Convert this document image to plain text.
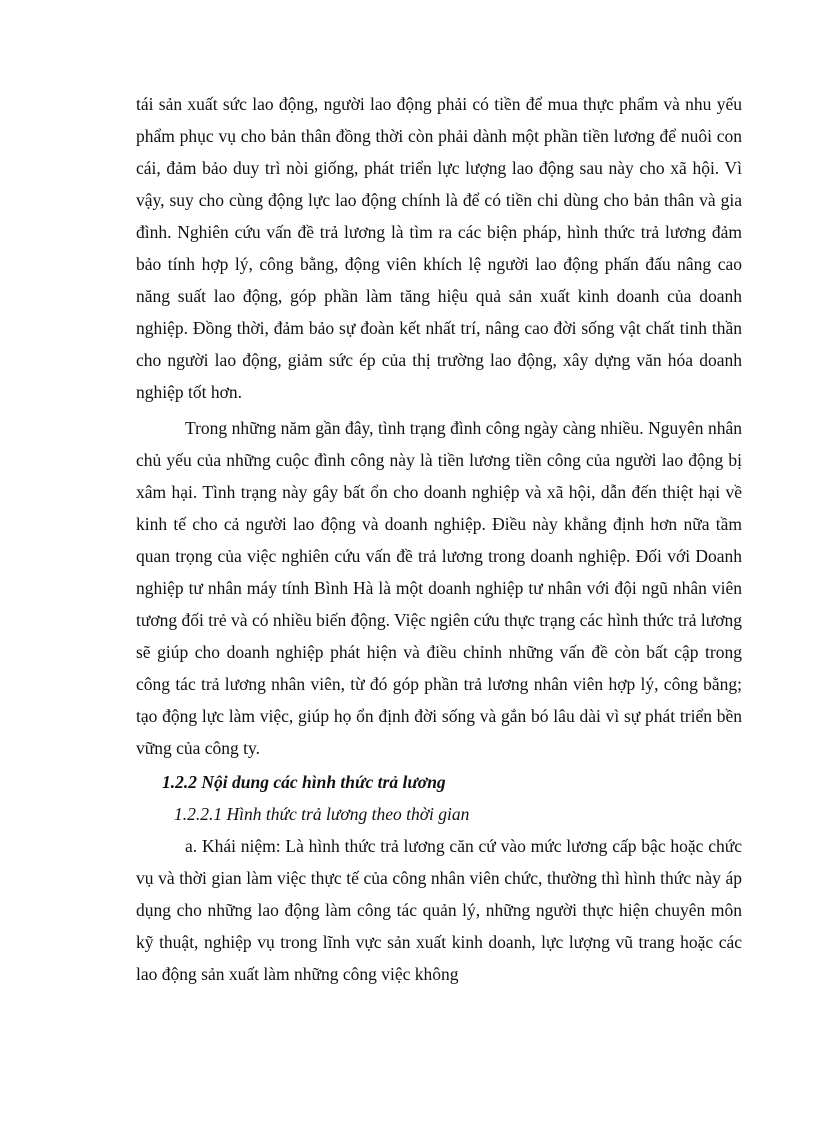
tái sản xuất sức lao động, người lao động phải có tiền để mua thực phẩm và nhu yếu phẩm phục vụ cho bản thân đồng thời còn phải dành một phần tiền lương để nuôi con cái, đảm bảo duy trì nòi giống, phát triển lực lượng lao động sau này cho xã hội. Vì vậy, suy cho cùng động lực lao động chính là để có tiền chi dùng cho bản thân và gia đình. Nghiên cứu vấn đề trả lương là tìm ra các biện pháp, hình thức trả lương đảm bảo tính hợp lý, công bằng, động viên khích lệ người lao động phấn đấu nâng cao năng suất lao động, góp phần làm tăng hiệu quả sản xuất kinh doanh của doanh nghiệp. Đồng thời, đảm bảo sự đoàn kết nhất trí, nâng cao đời sống vật chất tinh thần cho người lao động, giảm sức ép của thị trường lao động, xây dựng văn hóa doanh nghiệp tốt hơn.

Trong những năm gần đây, tình trạng đình công ngày càng nhiều. Nguyên nhân chủ yếu của những cuộc đình công này là tiền lương tiền công của người lao động bị xâm hại. Tình trạng này gây bất ổn cho doanh nghiệp và xã hội, dẫn đến thiệt hại về kinh tế cho cả người lao động và doanh nghiệp. Điều này khẳng định hơn nữa tầm quan trọng của việc nghiên cứu vấn đề trả lương trong doanh nghiệp. Đối với Doanh nghiệp tư nhân máy tính Bình Hà là một doanh nghiệp tư nhân với đội ngũ nhân viên tương đối trẻ và có nhiều biến động. Việc ngiên cứu thực trạng các hình thức trả lương sẽ giúp cho doanh nghiệp phát hiện và điều chỉnh những vấn đề còn bất cập trong công tác trả lương nhân viên, từ đó góp phần trả lương nhân viên hợp lý, công bằng; tạo động lực làm việc, giúp họ ổn định đời sống và gắn bó lâu dài vì sự phát triển bền vững của công ty.

1.2.2 Nội dung các hình thức trả lương

1.2.2.1 Hình thức trả lương theo thời gian

a. Khái niệm: Là hình thức trả lương căn cứ vào mức lương cấp bậc hoặc chức vụ và thời gian làm việc thực tế của công nhân viên chức, thường thì hình thức này áp dụng cho những lao động làm công tác quản lý, những người thực hiện chuyên môn kỹ thuật, nghiệp vụ trong lĩnh vực sản xuất kinh doanh, lực lượng vũ trang hoặc các lao động sản xuất làm những công việc không
